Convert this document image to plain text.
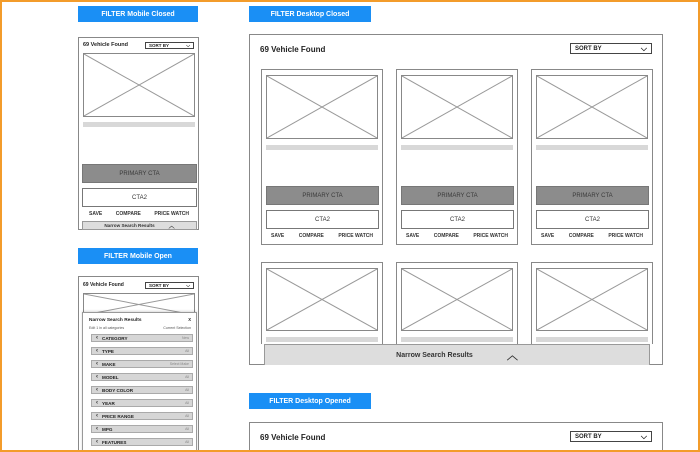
FILTER Mobile Closed	FILTER Desktop Closed
FILTER Mobile Open
FILTER Desktop Opened
69 Vehicle Found	SORT BY	⌵
PRIMARY CTA
CTA2
SAVE	COMPARE	PRICE WATCH
Narrow Search Results ︿
69 Vehicle Found	SORT BY	⌵
Narrow Search Results	x
Edit 1 in all categories	Current Selection
‹ CATEGORY	New
‹ TYPE	All
‹ MAKE	Select Make
‹ MODEL	All
‹ BODY COLOR	All
‹ YEAR	All
‹ PRICE RANGE	All
‹ MPG	All
‹ FEATURES	All
69 Vehicle Found	SORT BY	⌵
PRIMARY CTA
CTA2
SAVE	COMPARE	PRICE WATCH
PRIMARY CTA
CTA2
SAVE	COMPARE	PRICE WATCH
PRIMARY CTA
CTA2
SAVE	COMPARE	PRICE WATCH
Narrow Search Results	︿
69 Vehicle Found	SORT BY	⌵
